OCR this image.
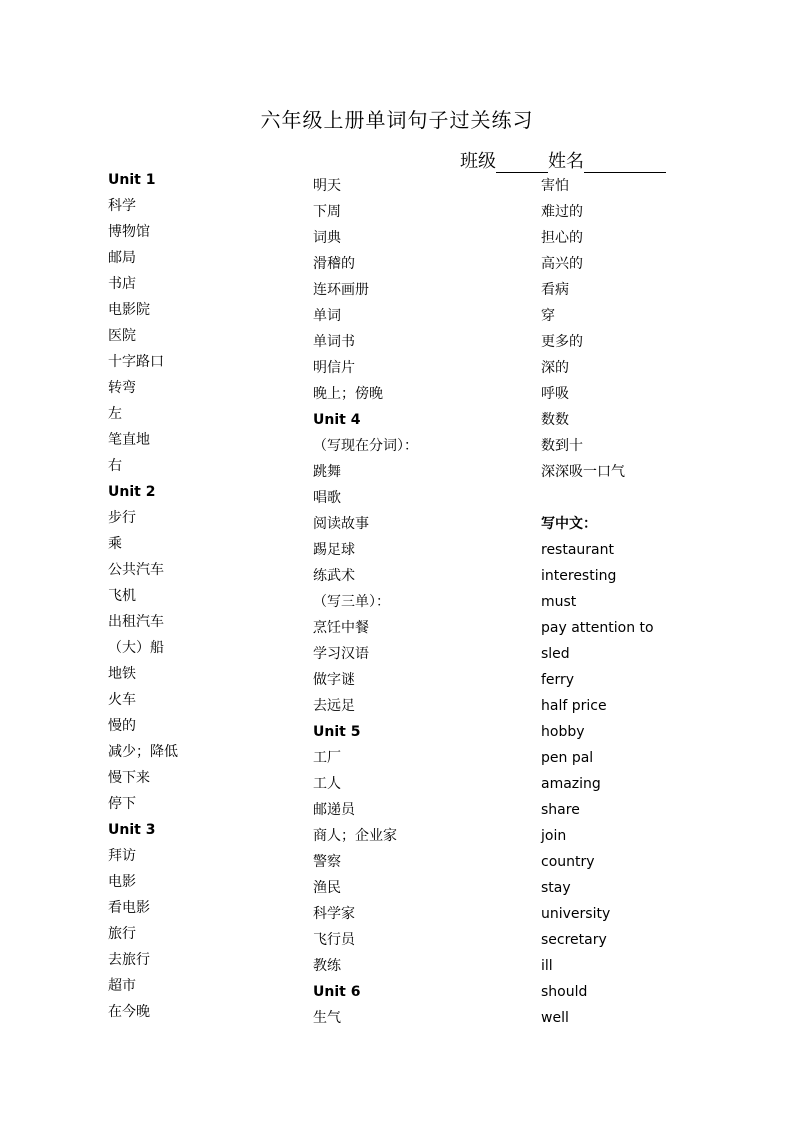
六年级上册单词句子过关练习
班级	姓名
Unit 1
科学
博物馆
邮局
书店
电影院
医院
十字路口
转弯
左
笔直地
右
Unit 2
步行
乘
公共汽车
飞机
出租汽车
（大）船
地铁
火车
慢的
减少；降低
慢下来
停下
Unit 3
拜访
电影
看电影
旅行
去旅行
超市
在今晚
明天
下周
词典
滑稽的
连环画册
单词
单词书
明信片
晚上；傍晚
Unit 4
（写现在分词）：
跳舞
唱歌
阅读故事
踢足球
练武术
（写三单）：
烹饪中餐
学习汉语
做字谜
去远足
Unit 5
工厂
工人
邮递员
商人；企业家
警察
渔民
科学家
飞行员
教练
Unit 6
生气
害怕
难过的
担心的
高兴的
看病
穿
更多的
深的
呼吸
数数
数到十
深深吸一口气
写中文：
restaurant
interesting
must
pay attention to
sled
ferry
half price
hobby
pen pal
amazing
share
join
country
stay
university
secretary
ill
should
well
